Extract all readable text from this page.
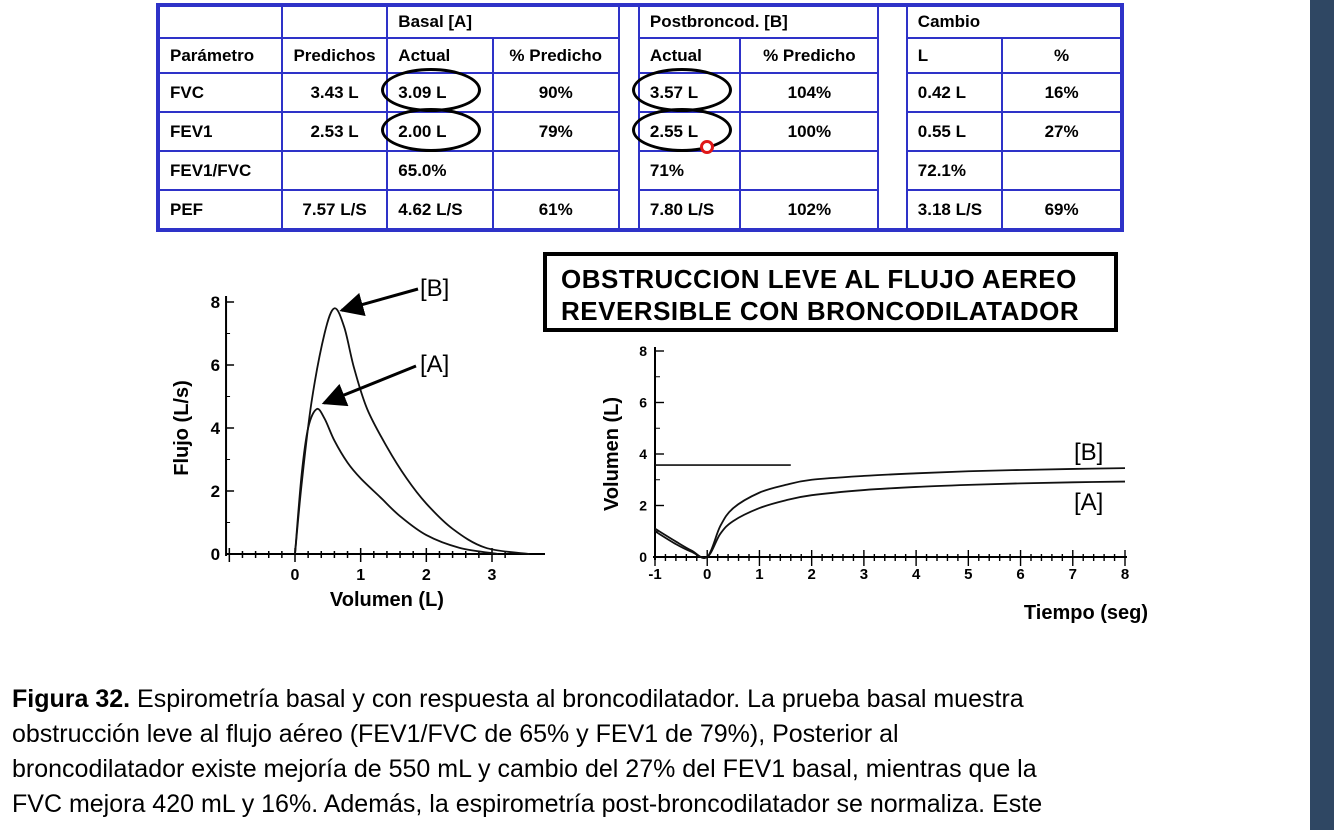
		Basal [A]			Postbroncod. [B]			Cambio	
Parámetro	Predichos	Actual	% Predicho		Actual	% Predicho		L	%
FVC	3.43 L	3.09 L	90%		3.57 L	104%		0.42 L	16%
FEV1	2.53 L	2.00 L	79%		2.55 L	100%		0.55 L	27%
FEV1/FVC		65.0%			71%			72.1%	
PEF	7.57 L/S	4.62 L/S	61%		7.80 L/S	102%		3.18 L/S	69%
OBSTRUCCION LEVE AL FLUJO AEREO
REVERSIBLE CON BRONCODILATADOR
0	1	2	3
0
2
4
6
8
Flujo (L/s)
Volumen (L)
[B]
[A]
-1	0	1	2	3	4	5	6	7	8
0
2
4
6
8
Volumen (L)
Tiempo (seg)
[B]
[A]
Figura 32. Espirometría basal y con respuesta al broncodilatador. La prueba basal muestra
obstrucción leve al flujo aéreo (FEV1/FVC de 65% y FEV1 de 79%), Posterior al
broncodilatador existe mejoría de 550 mL y cambio del 27% del FEV1 basal, mientras que la
FVC mejora 420 mL y 16%. Además, la espirometría post-broncodilatador se normaliza. Este
